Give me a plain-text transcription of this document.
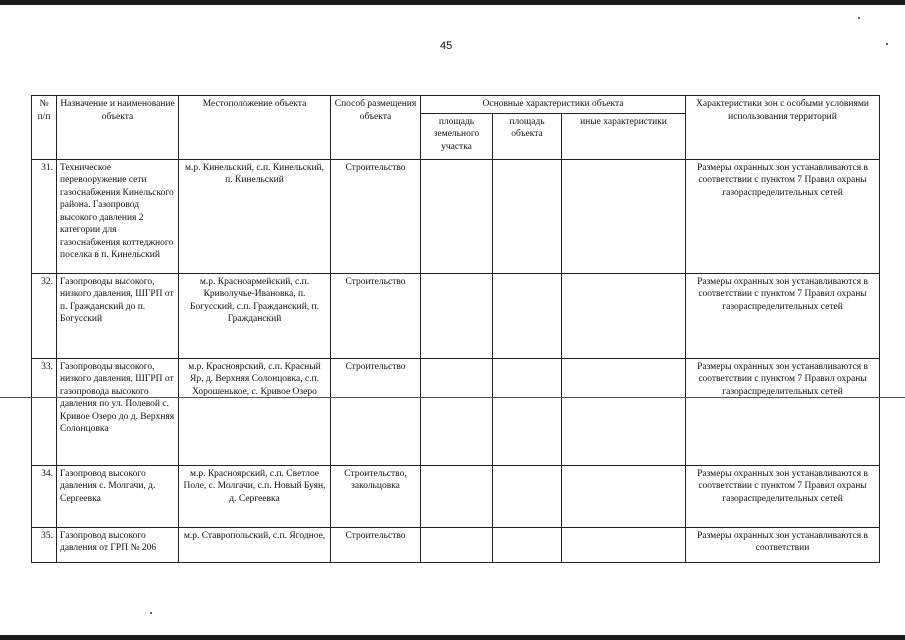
45
№ п/п	Назначение и наименование объекта	Местоположение объекта	Способ размещения объекта	Основные характеристики объекта			Характеристики зон с особыми условиями использования территорий
				площадь земельного участка	площадь объекта	иные характеристики	
31.	Техническое перевооружение сети газоснабжения Кинельского района. Газопровод высокого давления 2 категории для газоснабжения коттеджного поселка в п. Кинельский	м.р. Кинельский, с.п. Кинельский, п. Кинельский	Строительство				Размеры охранных зон устанавливаются в соответствии с пунктом 7 Правил охраны газораспределительных сетей
32.	Газопроводы высокого, низкого давления, ШГРП от п. Гражданский до п. Богусский	м.р. Красноармейский, с.п. Криволучье-Ивановка, п. Богусский, с.п. Гражданский, п. Гражданский	Строительство				Размеры охранных зон устанавливаются в соответствии с пунктом 7 Правил охраны газораспределительных сетей
33.	Газопроводы высокого, низкого давления, ШГРП от газопровода высокого давления по ул. Полевой с. Кривое Озеро до д. Верхняя Солонцовка	м.р. Красноярский, с.п. Красный Яр, д. Верхняя Солонцовка, с.п. Хорошенькое, с. Кривое Озеро	Строительство				Размеры охранных зон устанавливаются в соответствии с пунктом 7 Правил охраны газораспределительных сетей
34.	Газопровод высокого давления с. Молгачи, д. Сергеевка	м.р. Красноярский, с.п. Светлое Поле, с. Молгачи, с.п. Новый Буян, д. Сергеевка	Строительство, закольцовка				Размеры охранных зон устанавливаются в соответствии с пунктом 7 Правил охраны газораспределительных сетей
35.	Газопровод высокого давления от ГРП № 206	м.р. Ставропольский, с.п. Ягодное,	Строительство				Размеры охранных зон устанавливаются в соответствии
